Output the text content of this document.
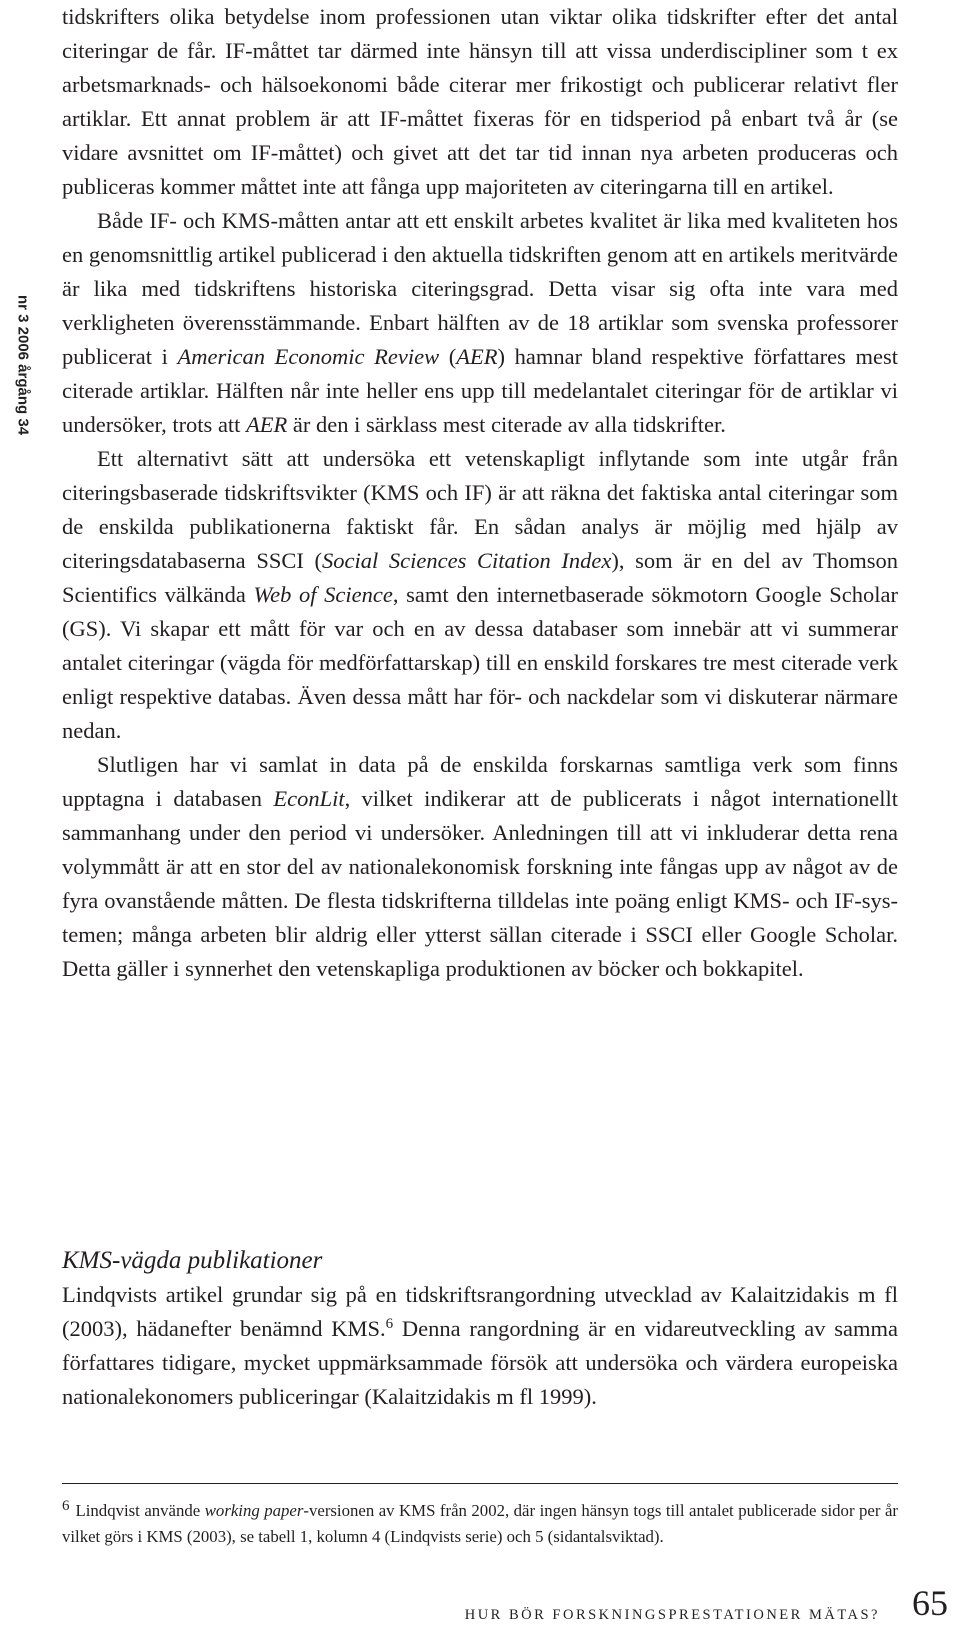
nr 3 2006 årgång 34

tidskrifters olika betydelse inom professionen utan viktar olika tidskrifter efter det antal citeringar de får. IF-måttet tar därmed inte hänsyn till att vissa underdiscipliner som t ex arbetsmarknads- och hälsoekonomi både citerar mer frikostigt och publicerar relativt fler artiklar. Ett annat problem är att IF-måttet fixeras för en tidsperiod på enbart två år (se vidare avsnittet om IF-måttet) och givet att det tar tid innan nya arbeten produceras och publiceras kommer måttet inte att fånga upp majoriteten av citeringarna till en artikel.

Både IF- och KMS-måtten antar att ett enskilt arbetes kvalitet är lika med kvaliteten hos en genomsnittlig artikel publicerad i den aktuella tidskriften genom att en artikels meritvärde är lika med tidskriftens historiska citeringsgrad. Detta visar sig ofta inte vara med verkligheten överensstämmande. Enbart hälften av de 18 artiklar som svenska professorer publicerat i American Economic Review (AER) hamnar bland respektive författares mest citerade artiklar. Hälften når inte heller ens upp till medelantalet citeringar för de artiklar vi undersöker, trots att AER är den i särklass mest citerade av alla tidskrifter.

Ett alternativt sätt att undersöka ett vetenskapligt inflytande som inte utgår från citeringsbaserade tidskriftsvikter (KMS och IF) är att räkna det faktiska antal citeringar som de enskilda publikationerna faktiskt får. En sådan analys är möjlig med hjälp av citeringsdatabaserna SSCI (Social Sciences Citation Index), som är en del av Thomson Scientifics välkända Web of Science, samt den internetbaserade sökmotorn Google Scholar (GS). Vi skapar ett mått för var och en av dessa databaser som innebär att vi summerar antalet citeringar (vägda för medförfattarskap) till en enskild forskares tre mest citerade verk enligt respektive databas. Även dessa mått har för- och nackdelar som vi diskuterar närmare nedan.

Slutligen har vi samlat in data på de enskilda forskarnas samtliga verk som finns upptagna i databasen EconLit, vilket indikerar att de publicerats i något internationellt sammanhang under den period vi undersöker. Anledningen till att vi inkluderar detta rena volymmått är att en stor del av nationalekonomisk forskning inte fångas upp av något av de fyra ovanstående måtten. De flesta tidskrifterna tilldelas inte poäng enligt KMS- och IF-systemen; många arbeten blir aldrig eller ytterst sällan citerade i SSCI eller Google Scholar. Detta gäller i synnerhet den vetenskapliga produktionen av böcker och bokkapitel.

KMS-vägda publikationer

Lindqvists artikel grundar sig på en tidskriftsrangordning utvecklad av Kalaitzidakis m fl (2003), hädanefter benämnd KMS.$^6$ Denna rangordning är en vidareutveckling av samma författares tidigare, mycket uppmärksammade försök att undersöka och värdera europeiska nationalekonomers publiceringar (Kalaitzidakis m fl 1999).

6 Lindqvist använde working paper-versionen av KMS från 2002, där ingen hänsyn togs till antalet publicerade sidor per år vilket görs i KMS (2003), se tabell 1, kolumn 4 (Lindqvists serie) och 5 (sidantalsviktad).
HUR BÖR FORSKNINGSPRESTATIONER MÄTAS? 65
